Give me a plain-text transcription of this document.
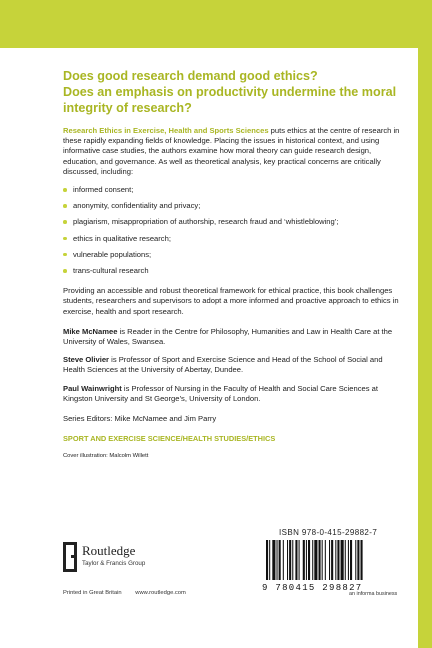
Does good research demand good ethics?

Does an emphasis on productivity undermine the moral integrity of research?

Research Ethics in Exercise, Health and Sports Sciences puts ethics at the centre of research in these rapidly expanding fields of knowledge. Placing the issues in historical context, and using informative case studies, the authors examine how moral theory can guide research design, education, and governance. As well as theoretical analysis, key practical concerns are critically discussed, including:

informed consent;
anonymity, confidentiality and privacy;
plagiarism, misappropriation of authorship, research fraud and ‘whistleblowing’;
ethics in qualitative research;
vulnerable populations;
trans-cultural research

Providing an accessible and robust theoretical framework for ethical practice, this book challenges students, researchers and supervisors to adopt a more informed and proactive approach to ethics in exercise, health and sport research.

Mike McNamee is Reader in the Centre for Philosophy, Humanities and Law in Health Care at the University of Wales, Swansea.

Steve Olivier is Professor of Sport and Exercise Science and Head of the School of Social and Health Sciences at the University of Abertay, Dundee.

Paul Wainwright is Professor of Nursing in the Faculty of Health and Social Care Sciences at Kingston University and St George’s, University of London.

Series Editors: Mike McNamee and Jim Parry
SPORT AND EXERCISE SCIENCE/HEALTH STUDIES/ETHICS
Cover illustration: Malcolm Willett
Routledge
Taylor & Francis Group
Printed in Great Britain www.routledge.com
ISBN 978-0-415-29882-7
9 780415 298827
an informa business
